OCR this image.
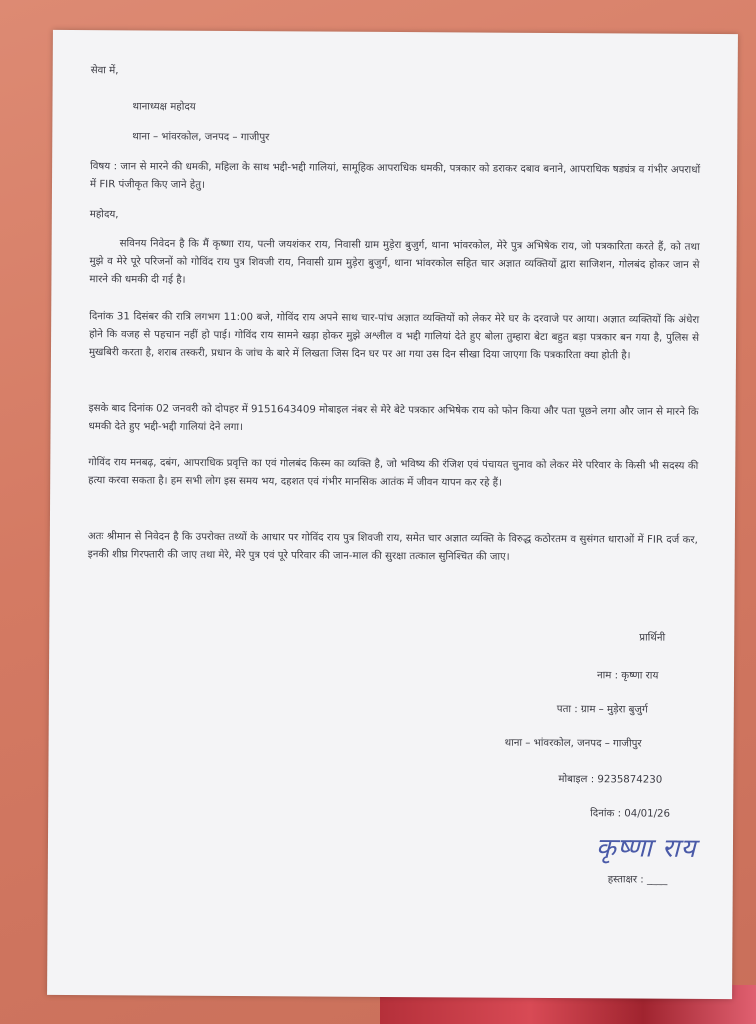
सेवा में,
थानाध्यक्ष महोदय
थाना – भांवरकोल, जनपद – गाजीपुर
विषय : जान से मारने की धमकी, महिला के साथ भद्दी-भद्दी गालियां, सामूहिक आपराधिक धमकी, पत्रकार को डराकर दबाव बनाने, आपराधिक षड्यंत्र व गंभीर अपराधों में FIR पंजीकृत किए जाने हेतु।
महोदय,
सविनय निवेदन है कि मैं कृष्णा राय, पत्नी जयशंकर राय, निवासी ग्राम मुड़ेरा बुजुर्ग, थाना भांवरकोल, मेरे पुत्र अभिषेक राय, जो पत्रकारिता करते हैं, को तथा मुझे व मेरे पूरे परिजनों को गोविंद राय पुत्र शिवजी राय, निवासी ग्राम मुड़ेरा बुजुर्ग, थाना भांवरकोल सहित चार अज्ञात व्यक्तियों द्वारा साजिशन, गोलबंद होकर जान से मारने की धमकी दी गई है।
दिनांक 31 दिसंबर की रात्रि लगभग 11:00 बजे, गोविंद राय अपने साथ चार-पांच अज्ञात व्यक्तियों को लेकर मेरे घर के दरवाजे पर आया। अज्ञात व्यक्तियों कि अंधेरा होने कि वजह से पहचान नहीं हो पाई। गोविंद राय सामने खड़ा होकर मुझे अश्लील व भद्दी गालियां देते हुए बोला तुम्हारा बेटा बहुत बड़ा पत्रकार बन गया है, पुलिस से मुखबिरी करता है, शराब तस्करी, प्रधान के जांच के बारे में लिखता जिस दिन घर पर आ गया उस दिन सीखा दिया जाएगा कि पत्रकारिता क्या होती है।
इसके बाद दिनांक 02 जनवरी को दोपहर में 9151643409 मोबाइल नंबर से मेरे बेटे पत्रकार अभिषेक राय को फोन किया और पता पूछने लगा और जान से मारने कि धमकी देते हुए भद्दी-भद्दी गालियां देने लगा।
गोविंद राय मनबढ़, दबंग, आपराधिक प्रवृत्ति का एवं गोलबंद किस्म का व्यक्ति है, जो भविष्य की रंजिश एवं पंचायत चुनाव को लेकर मेरे परिवार के किसी भी सदस्य की हत्या करवा सकता है। हम सभी लोग इस समय भय, दहशत एवं गंभीर मानसिक आतंक में जीवन यापन कर रहे हैं।
अतः श्रीमान से निवेदन है कि उपरोक्त तथ्यों के आधार पर गोविंद राय पुत्र शिवजी राय, समेत चार अज्ञात व्यक्ति के विरुद्ध कठोरतम व सुसंगत धाराओं में FIR दर्ज कर, इनकी शीघ्र गिरफ्तारी की जाए तथा मेरे, मेरे पुत्र एवं पूरे परिवार की जान-माल की सुरक्षा तत्काल सुनिश्चित की जाए।
प्रार्थिनी
नाम : कृष्णा राय
पता : ग्राम – मुड़ेरा बुजुर्ग
थाना – भांवरकोल, जनपद – गाजीपुर
मोबाइल : 9235874230
दिनांक : 04/01/26
कृष्णा राय
हस्ताक्षर : ____
